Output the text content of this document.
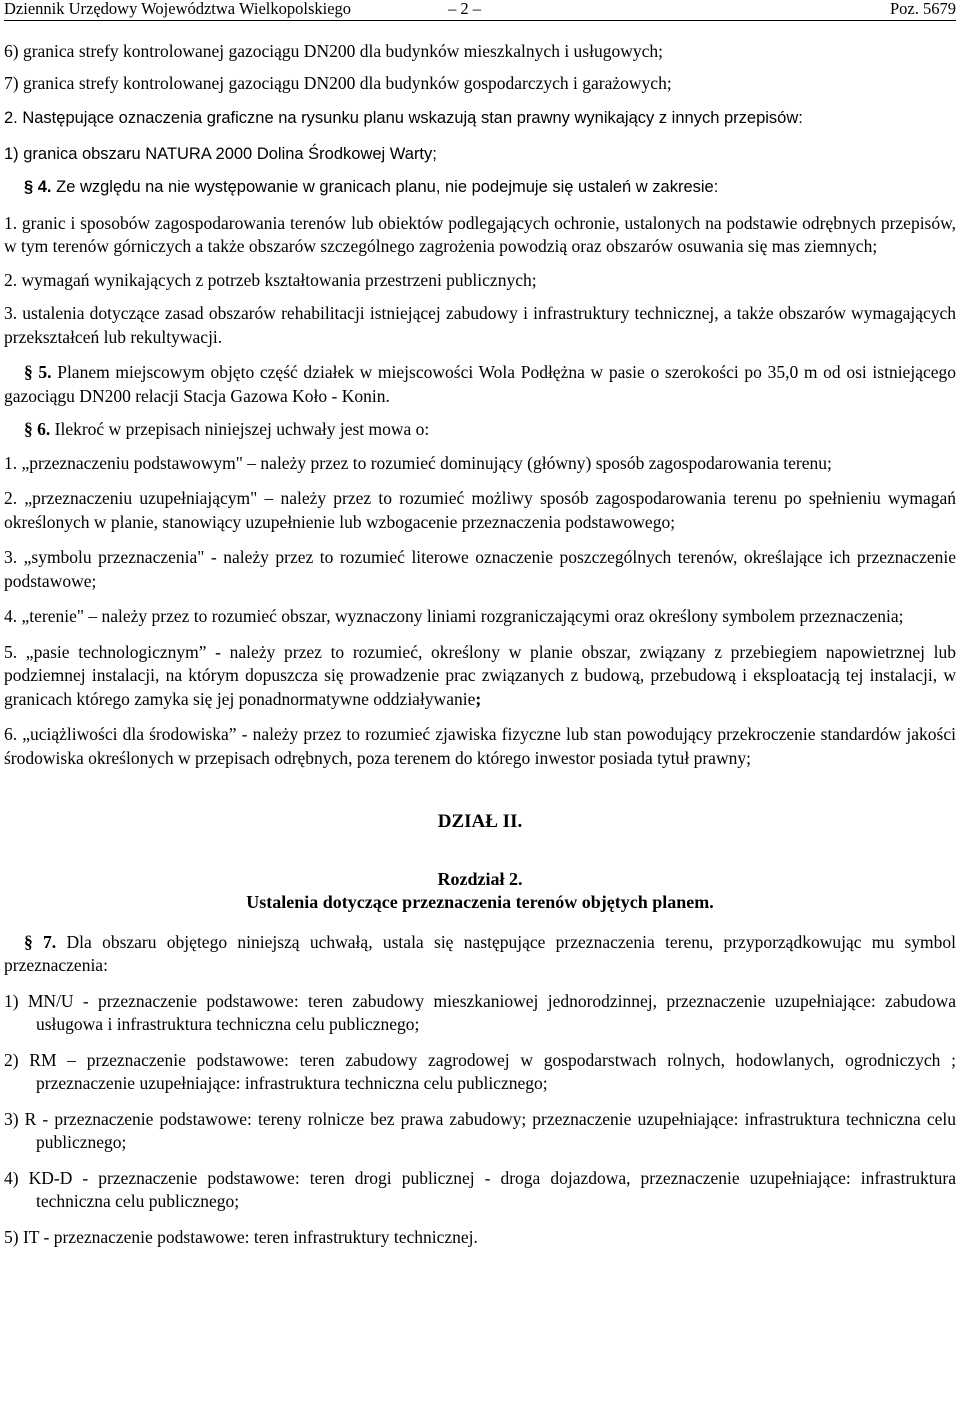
Dziennik Urzędowy Województwa Wielkopolskiego	– 2 –	Poz. 5679

6) granica strefy kontrolowanej gazociągu DN200 dla budynków mieszkalnych i usługowych;

7) granica strefy kontrolowanej gazociągu DN200 dla budynków gospodarczych i garażowych;

2. Następujące oznaczenia graficzne na rysunku planu wskazują stan prawny wynikający z innych przepisów:

1) granica obszaru NATURA 2000 Dolina Środkowej Warty;

§ 4. Ze względu na nie występowanie w granicach planu, nie podejmuje się ustaleń w zakresie:

1. granic i sposobów zagospodarowania terenów lub obiektów podlegających ochronie, ustalonych na podstawie odrębnych przepisów, w tym terenów górniczych a także obszarów szczególnego zagrożenia powodzią oraz obszarów osuwania się mas ziemnych;

2. wymagań wynikających z potrzeb kształtowania przestrzeni publicznych;

3. ustalenia dotyczące zasad obszarów rehabilitacji istniejącej zabudowy i infrastruktury technicznej, a także obszarów wymagających przekształceń lub rekultywacji.

§ 5. Planem miejscowym objęto część działek w miejscowości Wola Podłężna w pasie o szerokości po 35,0 m od osi istniejącego gazociągu DN200 relacji Stacja Gazowa Koło - Konin.

§ 6. Ilekroć w przepisach niniejszej uchwały jest mowa o:

1. „przeznaczeniu podstawowym" – należy przez to rozumieć dominujący (główny) sposób zagospodarowania terenu;

2. „przeznaczeniu uzupełniającym" – należy przez to rozumieć możliwy sposób zagospodarowania terenu po spełnieniu wymagań określonych w planie, stanowiący uzupełnienie lub wzbogacenie przeznaczenia podstawowego;

3. „symbolu przeznaczenia" - należy przez to rozumieć literowe oznaczenie poszczególnych terenów, określające ich przeznaczenie podstawowe;

4. „terenie" – należy przez to rozumieć obszar, wyznaczony liniami rozgraniczającymi oraz określony symbolem przeznaczenia;

5. „pasie technologicznym” - należy przez to rozumieć, określony w planie obszar, związany z przebiegiem napowietrznej lub podziemnej instalacji, na którym dopuszcza się prowadzenie prac związanych z budową, przebudową i eksploatacją tej instalacji, w granicach którego zamyka się jej ponadnormatywne oddziaływanie;

6. „uciążliwości dla środowiska” - należy przez to rozumieć zjawiska fizyczne lub stan powodujący przekroczenie standardów jakości środowiska określonych w przepisach odrębnych, poza terenem do którego inwestor posiada tytuł prawny;

DZIAŁ II.

Rozdział 2.

Ustalenia dotyczące przeznaczenia terenów objętych planem.

§ 7. Dla obszaru objętego niniejszą uchwałą, ustala się następujące przeznaczenia terenu, przyporządkowując mu symbol przeznaczenia:

1) MN/U - przeznaczenie podstawowe: teren zabudowy mieszkaniowej jednorodzinnej, przeznaczenie uzupełniające: zabudowa usługowa i infrastruktura techniczna celu publicznego;

2) RM – przeznaczenie podstawowe: teren zabudowy zagrodowej w gospodarstwach rolnych, hodowlanych, ogrodniczych ; przeznaczenie uzupełniające: infrastruktura techniczna celu publicznego;

3) R - przeznaczenie podstawowe: tereny rolnicze bez prawa zabudowy; przeznaczenie uzupełniające: infrastruktura techniczna celu publicznego;

4) KD-D - przeznaczenie podstawowe: teren drogi publicznej - droga dojazdowa, przeznaczenie uzupełniające: infrastruktura techniczna celu publicznego;

5) IT - przeznaczenie podstawowe: teren infrastruktury technicznej.
